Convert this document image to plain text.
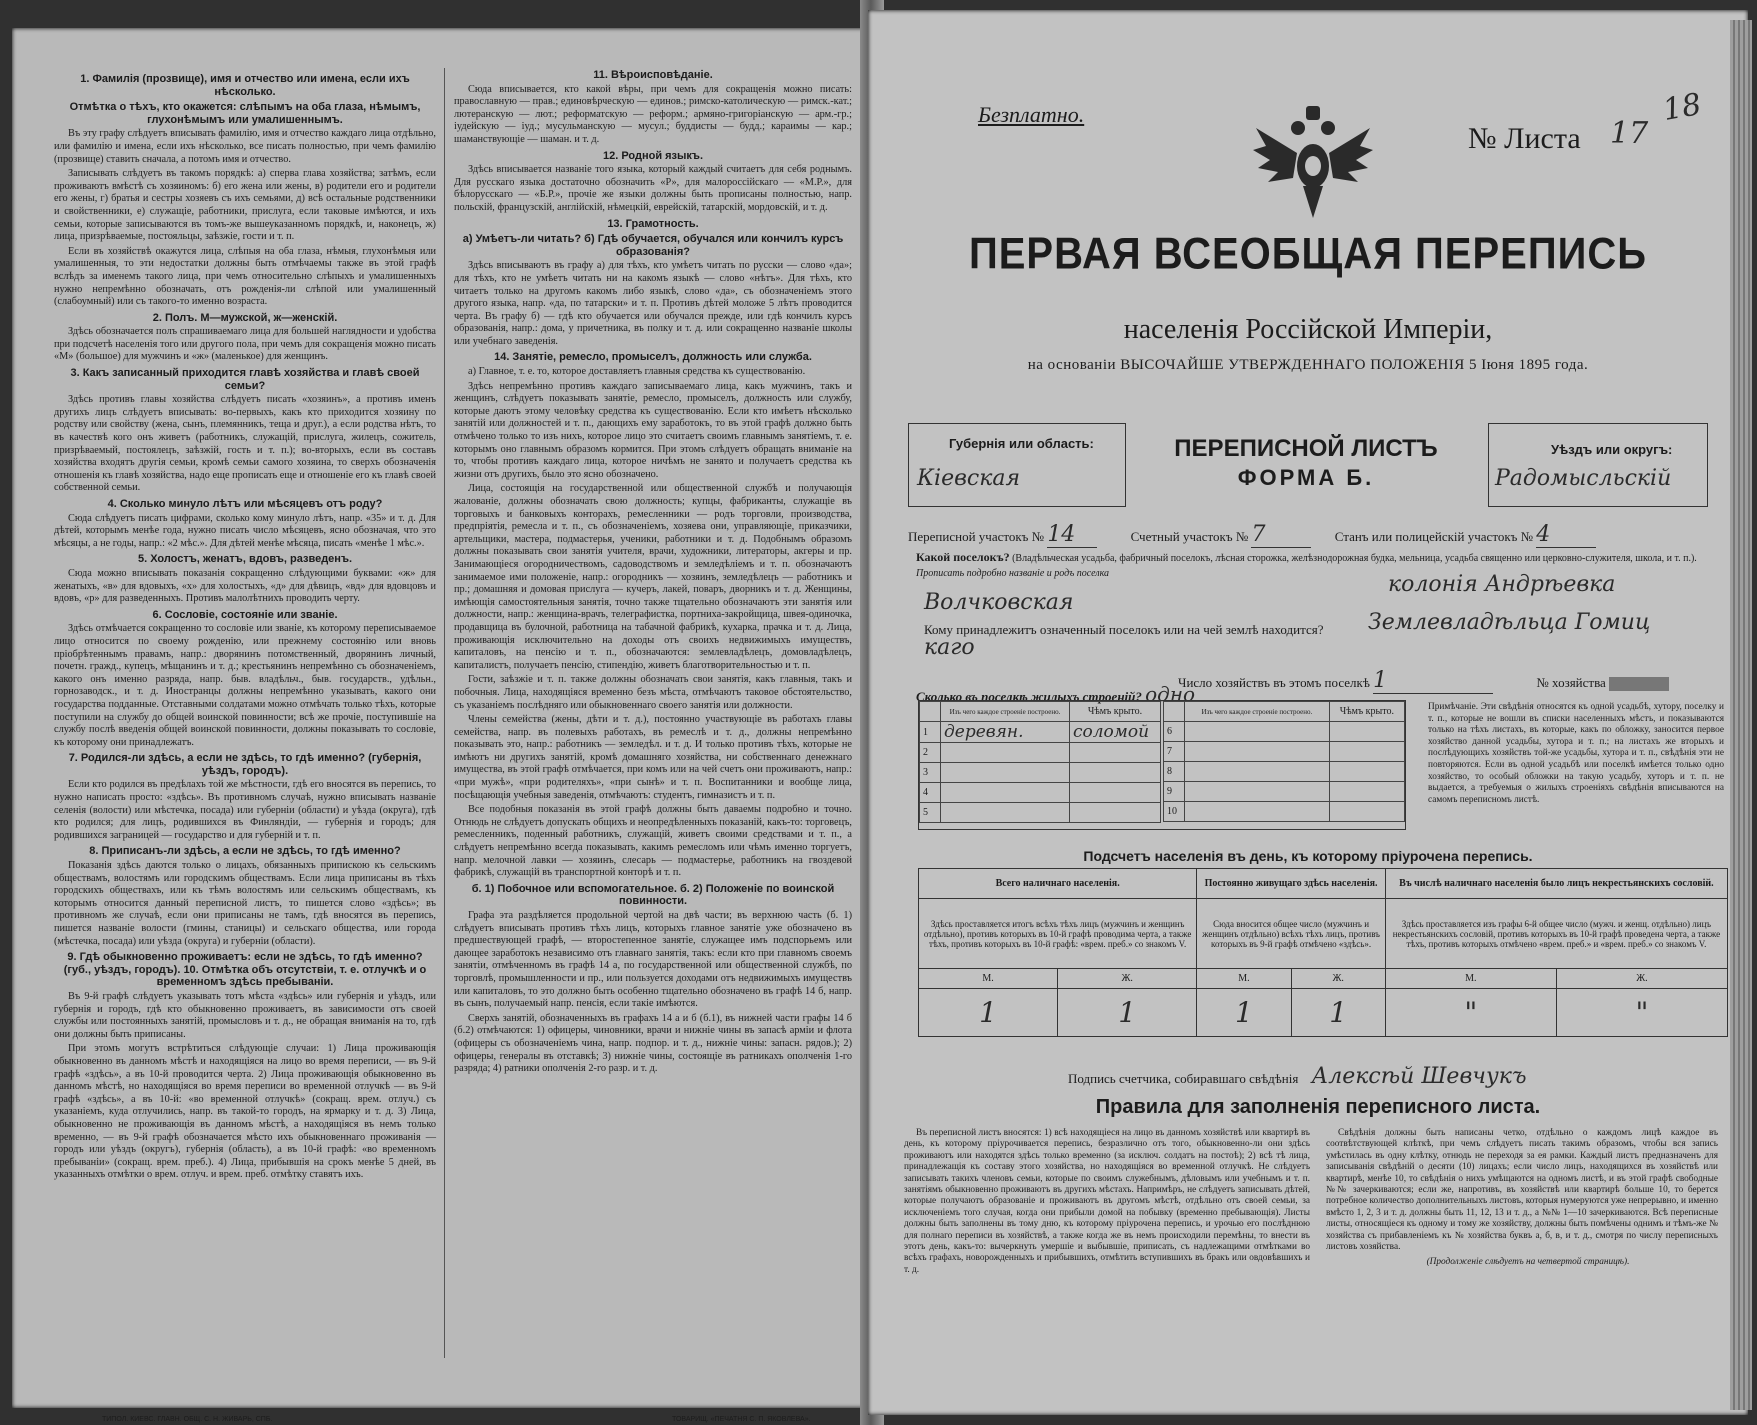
1. Фамилія (прозвище), имя и отчество или имена, если ихъ нѣсколько.
Отмѣтка о тѣхъ, кто окажется: слѣпымъ на оба глаза, нѣмымъ, глухонѣмымъ или умалишеннымъ.

Въ эту графу слѣдуетъ вписывать фамилію, имя и отчество каждаго лица отдѣльно, или фамилію и имена, если ихъ нѣсколько, все писать полностью, при чемъ фамилію (прозвище) ставить сначала, а потомъ имя и отчество.

Записывать слѣдуетъ въ такомъ порядкѣ: а) сперва глава хозяйства; затѣмъ, если проживаютъ вмѣстѣ съ хозяиномъ: б) его жена или жены, в) родители его и родители его жены, г) братья и сестры хозяевъ съ ихъ семьями, д) всѣ остальные родственники и свойственники, е) служащіе, работники, прислуга, если таковые имѣются, и ихъ семьи, которые записываются въ томъ-же вышеуказанномъ порядкѣ, и, наконецъ, ж) лица, призрѣваемые, постояльцы, заѣзжіе, гости и т. п.

Если въ хозяйствѣ окажутся лица, слѣпыя на оба глаза, нѣмыя, глухонѣмыя или умалишенныя, то эти недостатки должны быть отмѣчаемы также въ этой графѣ вслѣдъ за именемъ такого лица, при чемъ относительно слѣпыхъ и умалишенныхъ нужно непремѣнно обозначать, отъ рожденія-ли слѣпой или умалишенный (слабоумный) или съ такого-то именно возраста.

2. Полъ. М—мужской, ж—женскій.

Здѣсь обозначается полъ спрашиваемаго лица для большей наглядности и удобства при подсчетѣ населенія того или другого пола, при чемъ для сокращенія можно писать «М» (большое) для мужчинъ и «ж» (маленькое) для женщинъ.

3. Какъ записанный приходится главѣ хозяйства и главѣ своей семьи?

Здѣсь противъ главы хозяйства слѣдуетъ писать «хозяинъ», а противъ именъ другихъ лицъ слѣдуетъ вписывать: во-первыхъ, какъ кто приходится хозяину по родству или свойству (жена, сынъ, племянникъ, теща и друг.), а если родства нѣтъ, то въ качествѣ кого онъ живетъ (работникъ, служащій, прислуга, жилецъ, сожитель, призрѣваемый, постоялецъ, заѣзжій, гость и т. п.); во-вторыхъ, если въ составъ хозяйства входятъ другія семьи, кромѣ семьи самого хозяина, то сверхъ обозначенія отношенія къ главѣ хозяйства, надо еще прописать еще и отношеніе его къ главѣ своей собственной семьи.

4. Сколько минуло лѣтъ или мѣсяцевъ отъ роду?

Сюда слѣдуетъ писать цифрами, сколько кому минуло лѣтъ, напр. «35» и т. д. Для дѣтей, которымъ менѣе года, нужно писать число мѣсяцевъ, ясно обозначая, что это мѣсяцы, а не годы, напр.: «2 мѣс.». Для дѣтей менѣе мѣсяца, писать «менѣе 1 мѣс.».

5. Холостъ, женатъ, вдовъ, разведенъ.

Сюда можно вписывать показанія сокращенно слѣдующими буквами: «ж» для женатыхъ, «в» для вдовыхъ, «х» для холостыхъ, «д» для дѣвицъ, «вд» для вдовцовъ и вдовъ, «р» для разведенныхъ. Противъ малолѣтнихъ проводить черту.

6. Сословіе, состояніе или званіе.

Здѣсь отмѣчается сокращенно то сословіе или званіе, къ которому переписываемое лицо относится по своему рожденію, или прежнему состоянію или вновь пріобрѣтеннымъ правамъ, напр.: дворянинъ потомственный, дворянинъ личный, почетн. гражд., купецъ, мѣщанинъ и т. д.; крестьянинъ непремѣнно съ обозначеніемъ, какого онъ именно разряда, напр. быв. владѣльч., быв. государств., удѣльн., горнозаводск., и т. д. Иностранцы должны непремѣнно указывать, какого они государства подданные. Отставными солдатами можно отмѣчать только тѣхъ, которые поступили на службу до общей воинской повинности; всѣ же прочіе, поступившіе на службу послѣ введенія общей воинской повинности, должны показывать то сословіе, къ которому они принадлежатъ.

7. Родился-ли здѣсь, а если не здѣсь, то гдѣ именно? (губернія, уѣздъ, городъ).

Если кто родился въ предѣлахъ той же мѣстности, гдѣ его вносятся въ перепись, то нужно написать просто: «здѣсь». Въ противномъ случаѣ, нужно вписывать названіе селенія (волости) или мѣстечка, посада) или губерніи (области) и уѣзда (округа), гдѣ кто родился; для лицъ, родившихся въ Финляндіи, — губернія и городъ; для родившихся заграницей — государство и для губерній и т. п.

8. Приписанъ-ли здѣсь, а если не здѣсь, то гдѣ именно?

Показанія здѣсь даются только о лицахъ, обязанныхъ припискою къ сельскимъ обществамъ, волостямъ или городскимъ обществамъ. Если лица приписаны въ тѣхъ городскихъ обществахъ, или къ тѣмъ волостямъ или сельскимъ обществамъ, къ которымъ относится данный переписной листъ, то пишется слово «здѣсь»; въ противномъ же случаѣ, если они приписаны не тамъ, гдѣ вносятся въ перепись, пишется названіе волости (гмины, станицы) и сельскаго общества, или города (мѣстечка, посада) или уѣзда (округа) и губерніи (области).

9. Гдѣ обыкновенно проживаетъ: если не здѣсь, то гдѣ именно? (губ., уѣздъ, городъ). 10. Отмѣтка объ отсутствіи, т. е. отлучкѣ и о временномъ здѣсь пребываніи.

Въ 9-й графѣ слѣдуетъ указывать тотъ мѣста «здѣсь» или губернія и уѣздъ, или губернія и городъ, гдѣ кто обыкновенно проживаетъ, въ зависимости отъ своей службы или постоянныхъ занятій, промысловъ и т. д., не обращая вниманія на то, гдѣ они должны быть приписаны.

При этомъ могутъ встрѣтиться слѣдующіе случаи: 1) Лица проживающія обыкновенно въ данномъ мѣстѣ и находящіяся на лицо во время переписи, — въ 9-й графѣ «здѣсь», а въ 10-й проводится черта. 2) Лица проживающія обыкновенно въ данномъ мѣстѣ, но находящіяся во время переписи во временной отлучкѣ — въ 9-й графѣ «здѣсь», а въ 10-й: «во временной отлучкѣ» (сокращ. врем. отлуч.) съ указаніемъ, куда отлучились, напр. въ такой-то городъ, на ярмарку и т. д. 3) Лица, обыкновенно не проживающія въ данномъ мѣстѣ, а находящіяся въ немъ только временно, — въ 9-й графѣ обозначается мѣсто ихъ обыкновеннаго проживанія — городъ или уѣздъ (округъ), губернія (область), а въ 10-й графѣ: «во временномъ пребываніи» (сокращ. врем. преб.). 4) Лица, прибывшія на срокъ менѣе 5 дней, въ указанныхъ отмѣтки о врем. отлуч. и врем. преб. отмѣтку ставятъ ихъ.

11. Вѣроисповѣданіе.

Сюда вписывается, кто какой вѣры, при чемъ для сокращенія можно писать: православную — прав.; единовѣрческую — единов.; римско-католическую — римск.-кат.; лютеранскую — лют.; реформатскую — реформ.; армяно-григоріанскую — арм.-гр.; іудейскую — іуд.; мусульманскую — мусул.; буддисты — будд.; караимы — кар.; шаманствующіе — шаман. и т. д.

12. Родной языкъ.

Здѣсь вписывается названіе того языка, который каждый считаетъ для себя роднымъ. Для русскаго языка достаточно обозначить «Р», для малороссійскаго — «М.Р.», для бѣлорусскаго — «Б.Р.», прочіе же языки должны быть прописаны полностью, напр. польскій, французскій, англійскій, нѣмецкій, еврейскій, татарскій, мордовскій, и т. д.

13. Грамотность.
а) Умѣетъ-ли читать? б) Гдѣ обучается, обучался или кончилъ курсъ образованія?

Здѣсь вписываютъ въ графу а) для тѣхъ, кто умѣетъ читать по русски — слово «да»; для тѣхъ, кто не умѣетъ читать ни на какомъ языкѣ — слово «нѣтъ». Для тѣхъ, кто читаетъ только на другомъ какомъ либо языкѣ, слово «да», съ обозначеніемъ этого другого языка, напр. «да, по татарски» и т. п. Противъ дѣтей моложе 5 лѣтъ проводится черта. Въ графу б) — гдѣ кто обучается или обучался прежде, или гдѣ кончилъ курсъ образованія, напр.: дома, у причетника, въ полку и т. д. или сокращенно названіе школы или учебнаго заведенія.

14. Занятіе, ремесло, промыселъ, должность или служба.

а) Главное, т. е. то, которое доставляетъ главныя средства къ существованію.

Здѣсь непремѣнно противъ каждаго записываемаго лица, какъ мужчинъ, такъ и женщинъ, слѣдуетъ показывать занятіе, ремесло, промыселъ, должность или службу, которые даютъ этому человѣку средства къ существованію. Если кто имѣетъ нѣсколько занятій или должностей и т. п., дающихъ ему заработокъ, то въ этой графѣ должно быть отмѣчено только то изъ нихъ, которое лицо это считаетъ своимъ главнымъ занятіемъ, т. е. которымъ оно главнымъ образомъ кормится. При этомъ слѣдуетъ обращать вниманіе на то, чтобы противъ каждаго лица, которое ничѣмъ не занято и получаетъ средства къ жизни отъ другихъ, было это ясно обозначено.

Лица, состоящія на государственной или общественной службѣ и получающія жалованіе, должны обозначать свою должность; купцы, фабриканты, служащіе въ торговыхъ и банковыхъ конторахъ, ремесленники — родъ торговли, производства, предпріятія, ремесла и т. п., съ обозначеніемъ, хозяева они, управляющіе, приказчики, артельщики, мастера, подмастерья, ученики, работники и т. д. Подобнымъ образомъ должны показывать свои занятія учителя, врачи, художники, литераторы, акгеры и пр. Занимающіеся огородничествомъ, садоводствомъ и земледѣліемъ и т. п. обозначаютъ занимаемое ими положеніе, напр.: огородникъ — хозяинъ, земледѣлецъ — работникъ и пр.; домашняя и домовая прислуга — кучеръ, лакей, поваръ, дворникъ и т. д. Женщины, имѣющія самостоятельныя занятія, точно также тщательно обозначаютъ эти занятія или должности, напр.: женщина-врачъ, телеграфистка, портниха-закройщица, швея-одиночка, продавщица въ булочной, работница на табачной фабрикѣ, кухарка, прачка и т. д. Лица, проживающія исключительно на доходы отъ своихъ недвижимыхъ имуществъ, капиталовъ, на пенсію и т. п., обозначаются: землевладѣлецъ, домовладѣлецъ, капиталистъ, получаетъ пенсію, стипендію, живетъ благотворительностью и т. п.

Гости, заѣзжіе и т. п. также должны обозначать свои занятія, какъ главныя, такъ и побочныя. Лица, находящіяся временно безъ мѣста, отмѣчаютъ таковое обстоятельство, съ указаніемъ послѣдняго или обыкновеннаго своего занятія или должности.

Члены семейства (жены, дѣти и т. д.), постоянно участвующіе въ работахъ главы семейства, напр. въ полевыхъ работахъ, въ ремеслѣ и т. д., должны непремѣнно показывать это, напр.: работникъ — земледѣл. и т. д. И только противъ тѣхъ, которые не имѣютъ ни другихъ занятій, кромѣ домашняго хозяйства, ни собственнаго денежнаго имущества, въ этой графѣ отмѣчается, при комъ или на чей счетъ они проживаютъ, напр.: «при мужѣ», «при родителяхъ», «при сынѣ» и т. п. Воспитанники и вообще лица, посѣщающія учебныя заведенія, отмѣчаютъ: студентъ, гимназистъ и т. п.

Все подобныя показанія въ этой графѣ должны быть даваемы подробно и точно. Отнюдь не слѣдуетъ допускать общихъ и неопредѣленныхъ показаній, какъ-то: торговецъ, ремесленникъ, поденный работникъ, служащій, живетъ своими средствами и т. п., а слѣдуетъ непремѣнно всегда показывать, какимъ ремесломъ или чѣмъ именно торгуетъ, напр. мелочной лавки — хозяинъ, слесарь — подмастерье, работникъ на гвоздевой фабрикѣ, служащій въ транспортной конторѣ и т. п.

б. 1) Побочное или вспомогательное. б. 2) Положеніе по воинской повинности.

Графа эта раздѣляется продольной чертой на двѣ части; въ верхнюю часть (б. 1) слѣдуетъ вписывать противъ тѣхъ лицъ, которыхъ главное занятіе уже обозначено въ предшествующей графѣ, — второстепенное занятіе, служащее имъ подспорьемъ или дающее заработокъ независимо отъ главнаго занятія, такъ: если кто при главномъ своемъ занятіи, отмѣченномъ въ графѣ 14 а, по государственной или общественной службѣ, по торговлѣ, промышленности и пр., или пользуется доходами отъ недвижимыхъ имуществъ или капиталовъ, то это должно быть особенно тщательно обозначено въ графѣ 14 б, напр. въ сынъ, получаемый напр. пенсія, если такіе имѣются.

Сверхъ занятій, обозначенныхъ въ графахъ 14 а и б (б.1), въ нижней части графы 14 б (б.2) отмѣчаются: 1) офицеры, чиновники, врачи и нижніе чины въ запасѣ арміи и флота (офицеры съ обозначеніемъ чина, напр. подпор. и т. д., нижніе чины: запасн. рядов.); 2) офицеры, генералы въ отставкѣ; 3) нижніе чины, состоящіе въ ратникахъ ополченія 1-го разряда; 4) ратники ополченія 2-го разр. и т. д.

ТИПОЛ. КИЕВС. ГЛАВН. ОБЩ. С. Н. ЖИВАРЬ, СПБ.	ТОВАРИЩ. «ПЕЧАТНЯ С. П. ЯКОВЛЕВА».
Безплатно.
№ Листа 17
18
ПЕРВАЯ ВСЕОБЩАЯ ПЕРЕПИСЬ
населенія Россійской Имперіи,
на основаніи ВЫСОЧАЙШЕ УТВЕРЖДЕННАГО ПОЛОЖЕНІЯ 5 Іюня 1895 года.
Губернія или область:
Кіевская
ПЕРЕПИСНОЙ ЛИСТЪ
ФОРМА Б.
Уѣздъ или округъ:
Радомысльскій
Переписной участокъ № 14	Счетный участокъ № 7	Станъ или полицейскій участокъ № 4
Какой поселокъ? (Владѣльческая усадьба, фабричный поселокъ, лѣсная сторожка, желѣзнодорожная будка, мельница, усадьба священно или церковно-служителя, школа, и т. п.). Прописать подробно названіе и родъ поселка	колонія Андрѣевка
Волчковская
Кому принадлежитъ означенный поселокъ или на чей землѣ находится? Землевладѣльца Гомиц
каго
Число хозяйствъ въ этомъ поселкѣ 1	№ хозяйства
Сколько въ поселкѣ жилыхъ строеній? одно
	Изъ чего каждое строеніе построено.	Чѣмъ крыто.
1	деревян.	соломой
2		
3		
4		
5		
	Изъ чего каждое строеніе построено.	Чѣмъ крыто.
6		
7		
8		
9		
10		
Примѣчаніе. Эти свѣдѣнія относятся къ одной усадьбѣ, хутору, поселку и т. п., которые не вошли въ списки населенныхъ мѣстъ, и показываются только на тѣхъ листахъ, въ которые, какъ по обложку, заносится первое хозяйство данной усадьбы, хутора и т. п.; на листахъ же вторыхъ и послѣдующихъ хозяйствъ той-же усадьбы, хутора и т. п., свѣдѣнія эти не повторяются. Если въ одной усадьбѣ или поселкѣ имѣется только одно хозяйство, то особый обложки на такую усадьбу, хуторъ и т. п. не выдается, а требуемыя о жилыхъ строеніяхъ свѣдѣнія вписываются на самомъ переписномъ листѣ.
Подсчетъ населенія въ день, къ которому пріурочена перепись.
Всего наличнаго населенія.		Постоянно живущаго здѣсь населенія.		Въ числѣ наличнаго населенія было лицъ некрестьянскихъ сословій.	
Здѣсь проставляется итогъ всѣхъ тѣхъ лицъ (мужчинъ и женщинъ отдѣльно), противъ которыхъ въ 10-й графѣ проводима черта, а также тѣхъ, противъ которыхъ въ 10-й графѣ: «врем. преб.» со знакомъ V.		Сюда вносится общее число (мужчинъ и женщинъ отдѣльно) всѣхъ тѣхъ лицъ, противъ которыхъ въ 9-й графѣ отмѣчено «здѣсь».		Здѣсь проставляется изъ графы 6-й общее число (мужч. и женщ. отдѣльно) лицъ некрестьянскихъ сословій, противъ которыхъ въ 10-й графѣ проведена черта, а также тѣхъ, противъ которыхъ отмѣчено «врем. преб.» и «врем. преб.» со знакомъ V.	
М.	Ж.	М.	Ж.	М.	Ж.
1	1	1	1	"	"
Подпись счетчика, собиравшаго свѣдѣнія Алексѣй Шевчукъ
Правила для заполненія переписного листа.

Въ переписной листъ вносятся: 1) всѣ находящіеся на лицо въ данномъ хозяйствѣ или квартирѣ въ день, къ которому пріурочивается перепись, безразлично отъ того, обыкновенно-ли они здѣсь проживаютъ или находятся здѣсь только временно (за исключ. солдатъ на постоѣ); 2) всѣ тѣ лица, принадлежащія къ составу этого хозяйства, но находящіяся во временной отлучкѣ. Не слѣдуетъ записывать такихъ членовъ семьи, которые по своимъ служебнымъ, дѣловымъ или учебнымъ и т. п. занятіямъ обыкновенно проживаютъ въ другихъ мѣстахъ. Напримѣръ, не слѣдуетъ записывать дѣтей, которые получаютъ образованіе и проживаютъ въ другомъ мѣстѣ, отдѣльно отъ своей семьи, за исключеніемъ того случая, когда они прибыли домой на побывку (временно пребывающія). Листы должны быть заполнены въ тому дню, къ которому пріурочена перепись, и урочью его послѣднюю для полнаго переписи въ хозяйствѣ, а также когда же въ немъ происходили перемѣны, то внести въ этотъ день, какъ-то: вычеркнуть умершіе и выбывшіе, приписать, съ надлежащими отмѣтками во всѣхъ графахъ, новорожденныхъ и прибывшихъ, отмѣтить вступившихъ въ бракъ или овдовѣвшихъ и т. д.

Свѣдѣнія должны быть написаны четко, отдѣльно о каждомъ лицѣ каждое въ соотвѣтствующей клѣткѣ, при чемъ слѣдуетъ писать такимъ образомъ, чтобы вся запись умѣстилась въ одну клѣтку, отнюдь не переходя за ея рамки. Каждый листъ предназначенъ для записыванія свѣдѣній о десяти (10) лицахъ; если число лицъ, находящихся въ хозяйствѣ или квартирѣ, менѣе 10, то свѣдѣнія о нихъ умѣщаются на одномъ листѣ, и въ этой графѣ свободные №№ зачеркиваются; если же, напротивъ, въ хозяйствѣ или квартирѣ больше 10, то берется потребное количество дополнительныхъ листовъ, которыя нумеруются уже непрерывно, и именно вмѣсто 1, 2, 3 и т. д. должны быть 11, 12, 13 и т. д., а №№ 1—10 зачеркиваются. Всѣ переписные листы, относящіеся къ одному и тому же хозяйству, должны быть помѣчены однимъ и тѣмъ-же № хозяйства съ прибавленіемъ къ № хозяйства буквъ а, б, в, и т. д., смотря по числу переписныхъ листовъ хозяйства.

(Продолженіе слѣдуетъ на четвертой страницѣ).
